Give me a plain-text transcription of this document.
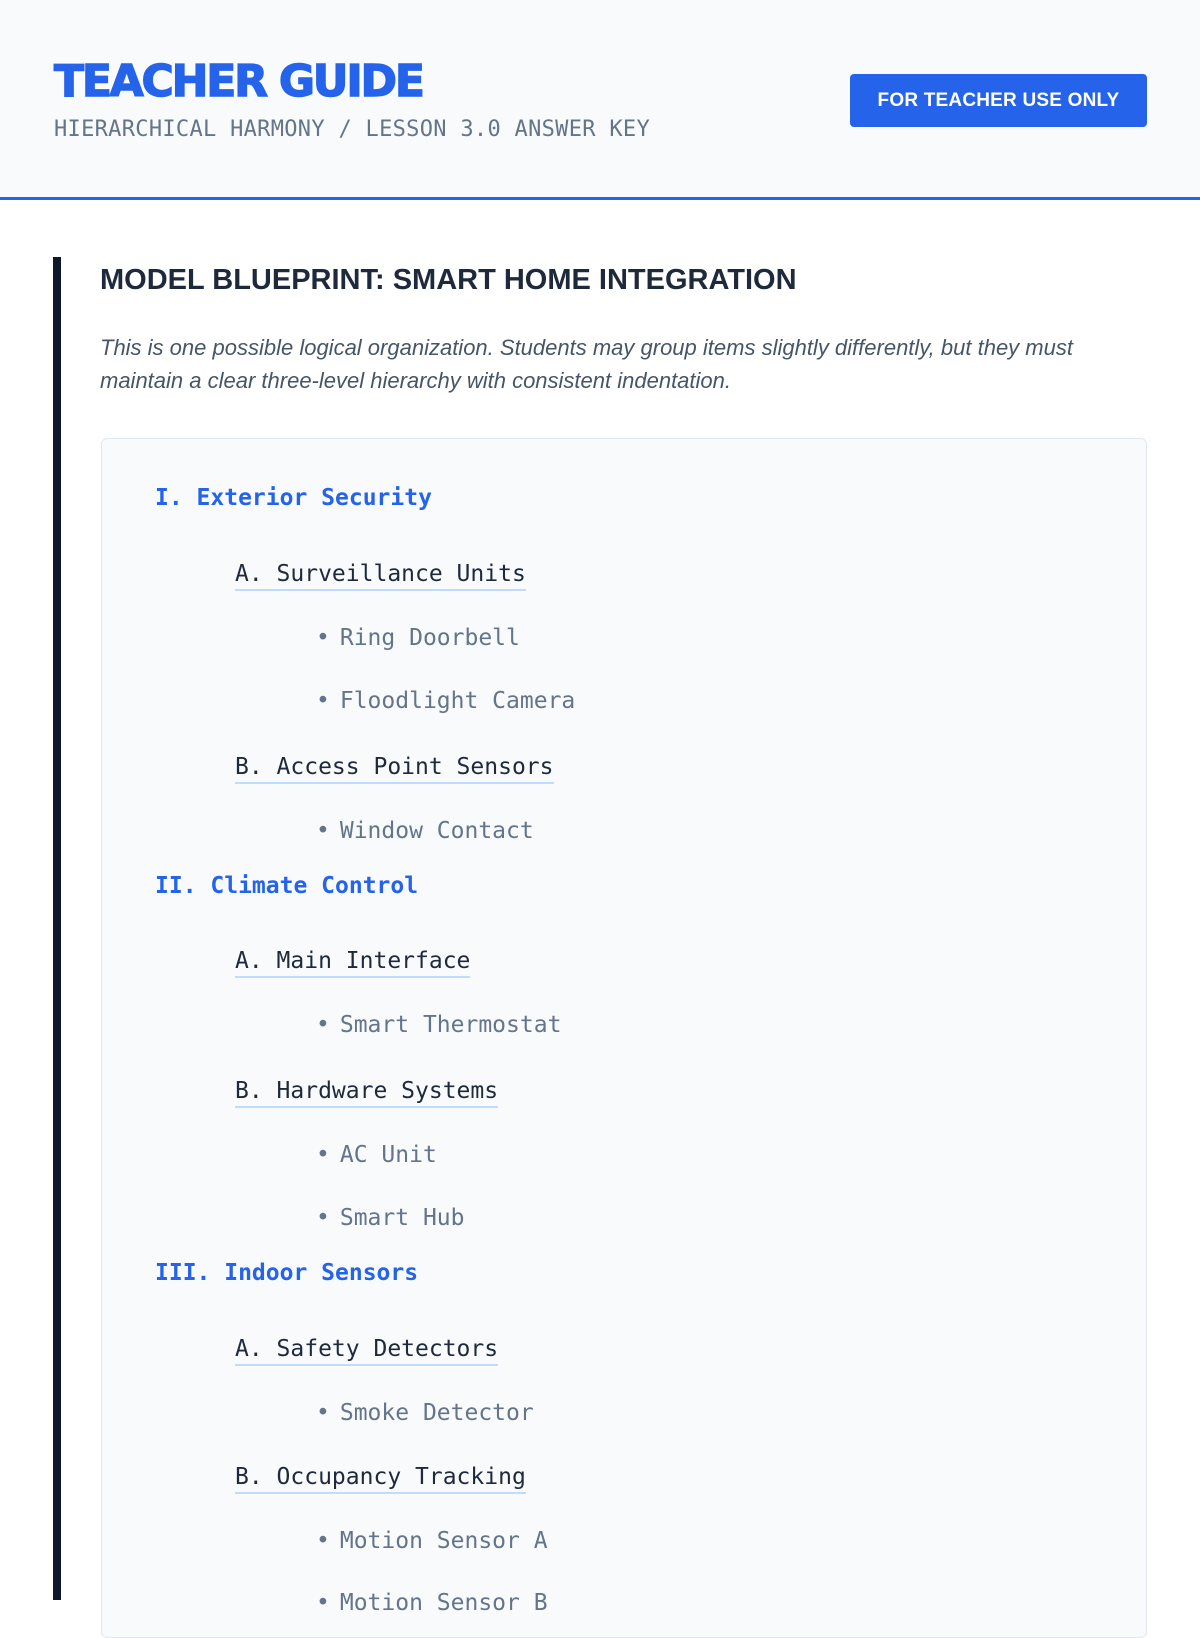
TEACHER GUIDE
HIERARCHICAL HARMONY / LESSON 3.0 ANSWER KEY
FOR TEACHER USE ONLY
MODEL BLUEPRINT: SMART HOME INTEGRATION

This is one possible logical organization. Students may group items slightly differently, but they must maintain a clear three-level hierarchy with consistent indentation.

I. Exterior Security
A. Surveillance Units
• Ring Doorbell
• Floodlight Camera
B. Access Point Sensors
• Window Contact
II. Climate Control
A. Main Interface
• Smart Thermostat
B. Hardware Systems
• AC Unit
• Smart Hub
III. Indoor Sensors
A. Safety Detectors
• Smoke Detector
B. Occupancy Tracking
• Motion Sensor A
• Motion Sensor B
